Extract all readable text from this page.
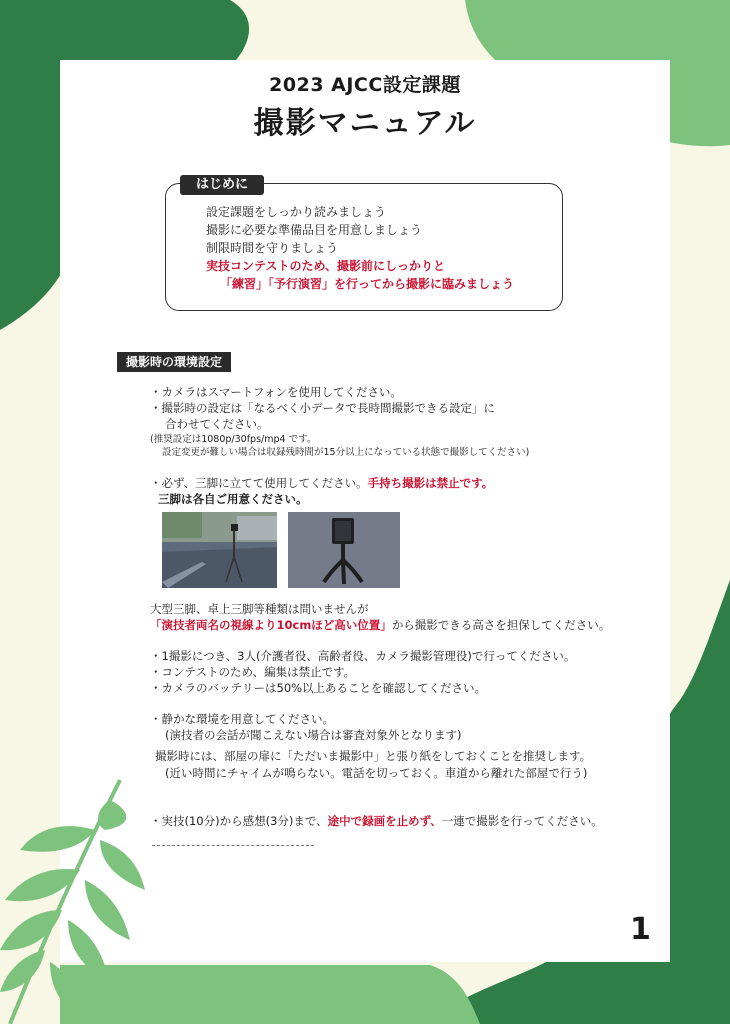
2023 AJCC設定課題
撮影マニュアル
はじめに
設定課題をしっかり読みましょう
撮影に必要な準備品目を用意しましょう
制限時間を守りましょう
実技コンテストのため、撮影前にしっかりと
「練習」「予行演習」を行ってから撮影に臨みましょう
撮影時の環境設定
・カメラはスマートフォンを使用してください。
・撮影時の設定は「なるべく小データで長時間撮影できる設定」に
合わせてください。
(推奨設定は1080p/30fps/mp4 です。
設定変更が難しい場合は収録残時間が15分以上になっている状態で撮影してください)
・必ず、三脚に立てて使用してください。手持ち撮影は禁止です。
三脚は各自ご用意ください。
大型三脚、卓上三脚等種類は問いませんが
「演技者両名の視線より10cmほど高い位置」から撮影できる高さを担保してください。
・1撮影につき、3人(介護者役、高齢者役、カメラ撮影管理役)で行ってください。
・コンテストのため、編集は禁止です。
・カメラのバッテリーは50%以上あることを確認してください。
・静かな環境を用意してください。
(演技者の会話が聞こえない場合は審査対象外となります)
撮影時には、部屋の扉に「ただいま撮影中」と張り紙をしておくことを推奨します。
(近い時間にチャイムが鳴らない。電話を切っておく。車道から離れた部屋で行う)
・実技(10分)から感想(3分)まで、途中で録画を止めず、一連で撮影を行ってください。
1
